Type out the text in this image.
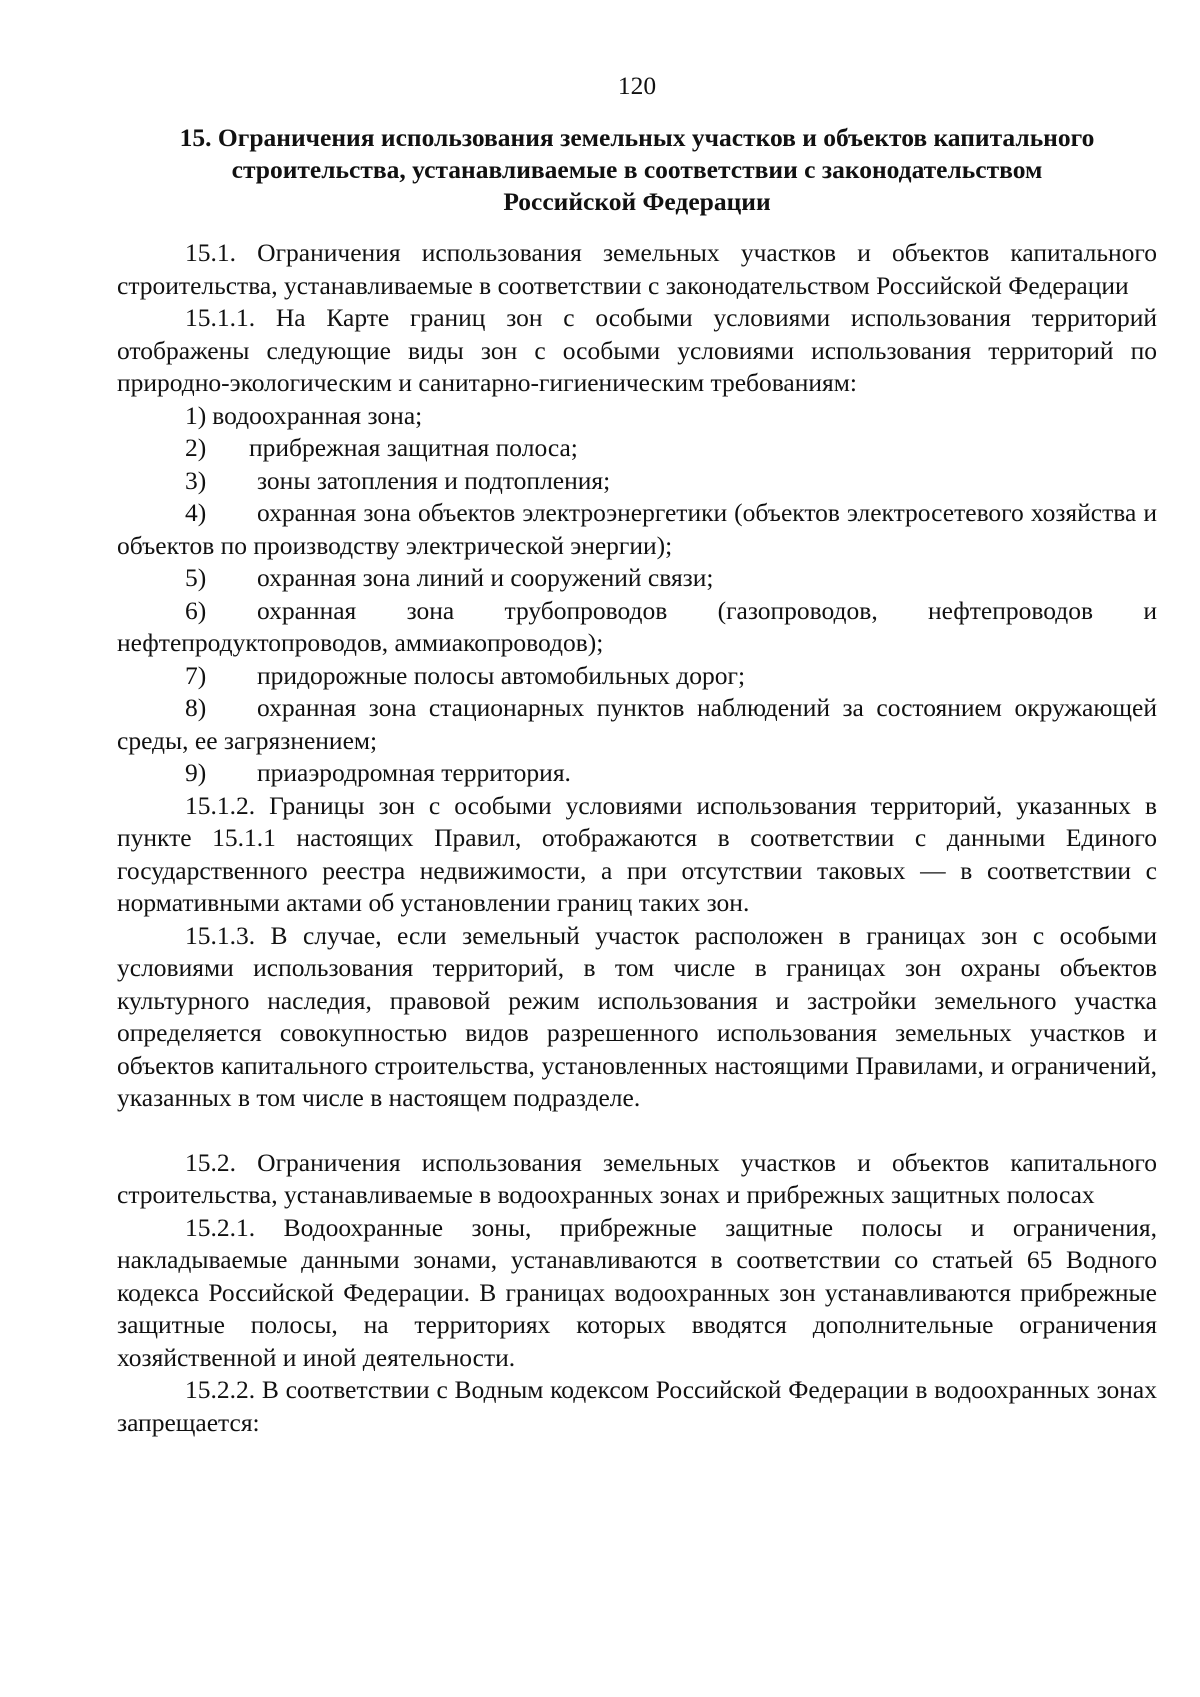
120
15. Ограничения использования земельных участков и объектов капитального
строительства, устанавливаемые в соответствии с законодательством
Российской Федерации

15.1. Ограничения использования земельных участков и объектов капитального строительства, устанавливаемые в соответствии с законодательством Российской Федерации

15.1.1. На Карте границ зон с особыми условиями использования территорий отображены следующие виды зон с особыми условиями использования территорий по природно-экологическим и санитарно-гигиеническим требованиям:

1) водоохранная зона;
2) прибрежная защитная полоса;
3) зоны затопления и подтопления;
4) охранная зона объектов электроэнергетики (объектов электросетевого хозяйства и объектов по производству электрической энергии);
5) охранная зона линий и сооружений связи;
6) охранная зона трубопроводов (газопроводов, нефтепроводов и нефтепродуктопроводов, аммиакопроводов);
7) придорожные полосы автомобильных дорог;
8) охранная зона стационарных пунктов наблюдений за состоянием окружающей среды, ее загрязнением;
9) приаэродромная территория.

15.1.2. Границы зон с особыми условиями использования территорий, указанных в пункте 15.1.1 настоящих Правил, отображаются в соответствии с данными Единого государственного реестра недвижимости, а при отсутствии таковых — в соответствии с нормативными актами об установлении границ таких зон.

15.1.3. В случае, если земельный участок расположен в границах зон с особыми условиями использования территорий, в том числе в границах зон охраны объектов культурного наследия, правовой режим использования и застройки земельного участка определяется совокупностью видов разрешенного использования земельных участков и объектов капитального строительства, установленных настоящими Правилами, и ограничений, указанных в том числе в настоящем подразделе.

15.2. Ограничения использования земельных участков и объектов капитального строительства, устанавливаемые в водоохранных зонах и прибрежных защитных полосах

15.2.1. Водоохранные зоны, прибрежные защитные полосы и ограничения, накладываемые данными зонами, устанавливаются в соответствии со статьей 65 Водного кодекса Российской Федерации. В границах водоохранных зон устанавливаются прибрежные защитные полосы, на территориях которых вводятся дополнительные ограничения хозяйственной и иной деятельности.

15.2.2. В соответствии с Водным кодексом Российской Федерации в водоохранных зонах запрещается:
